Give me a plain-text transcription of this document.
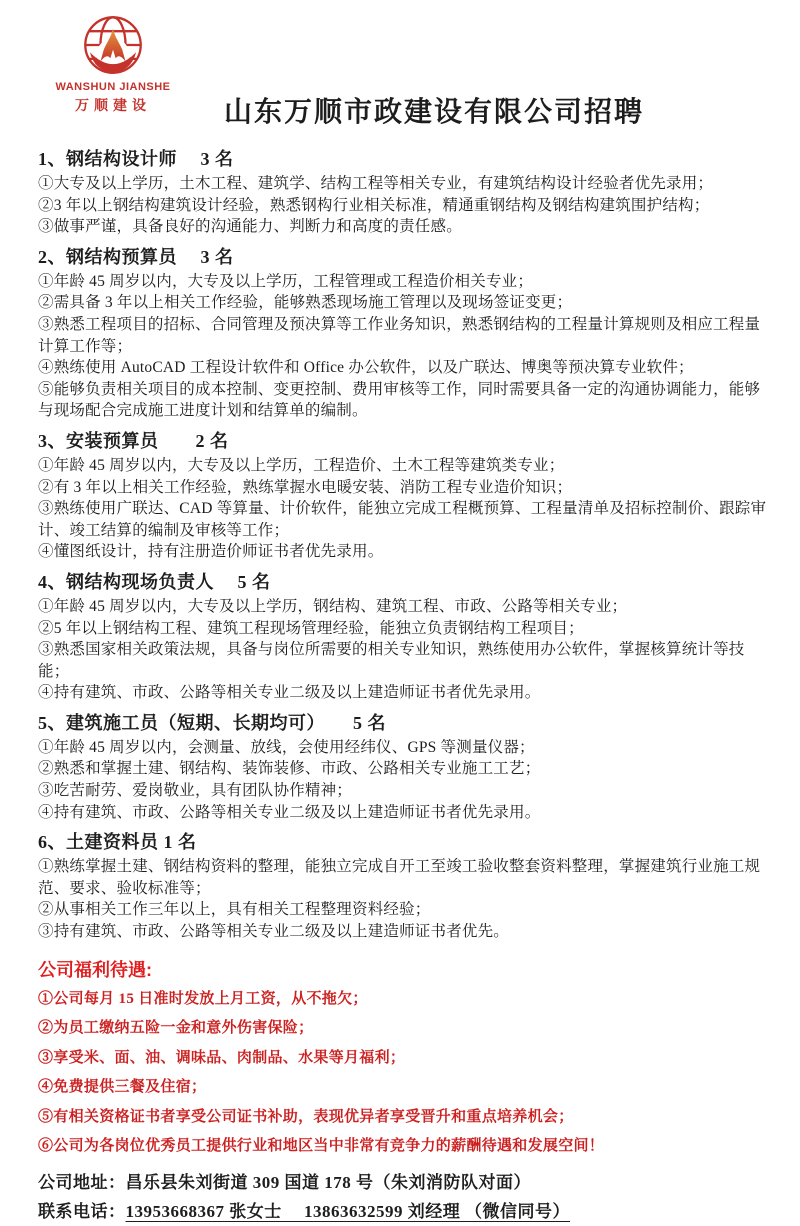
WANSHUN JIANSHE
万顺建设	山东万顺市政建设有限公司招聘
1、钢结构设计师　 3 名

①大专及以上学历，土木工程、建筑学、结构工程等相关专业，有建筑结构设计经验者优先录用；

②3 年以上钢结构建筑设计经验，熟悉钢构行业相关标准，精通重钢结构及钢结构建筑围护结构；

③做事严谨，具备良好的沟通能力、判断力和高度的责任感。

2、钢结构预算员　 3 名

①年龄 45 周岁以内，大专及以上学历，工程管理或工程造价相关专业；

②需具备 3 年以上相关工作经验，能够熟悉现场施工管理以及现场签证变更；

③熟悉工程项目的招标、合同管理及预决算等工作业务知识，熟悉钢结构的工程量计算规则及相应工程量计算工作等；

④熟练使用 AutoCAD 工程设计软件和 Office 办公软件，以及广联达、博奥等预决算专业软件；

⑤能够负责相关项目的成本控制、变更控制、费用审核等工作，同时需要具备一定的沟通协调能力，能够与现场配合完成施工进度计划和结算单的编制。

3、安装预算员　　2 名

①年龄 45 周岁以内，大专及以上学历，工程造价、土木工程等建筑类专业；

②有 3 年以上相关工作经验，熟练掌握水电暖安装、消防工程专业造价知识；

③熟练使用广联达、CAD 等算量、计价软件，能独立完成工程概预算、工程量清单及招标控制价、跟踪审计、竣工结算的编制及审核等工作；

④懂图纸设计，持有注册造价师证书者优先录用。

4、钢结构现场负责人　 5 名

①年龄 45 周岁以内，大专及以上学历，钢结构、建筑工程、市政、公路等相关专业；

②5 年以上钢结构工程、建筑工程现场管理经验，能独立负责钢结构工程项目；

③熟悉国家相关政策法规，具备与岗位所需要的相关专业知识，熟练使用办公软件，掌握核算统计等技能；

④持有建筑、市政、公路等相关专业二级及以上建造师证书者优先录用。

5、建筑施工员（短期、长期均可）　　5 名

①年龄 45 周岁以内，会测量、放线，会使用经纬仪、GPS 等测量仪器；

②熟悉和掌握土建、钢结构、装饰装修、市政、公路相关专业施工工艺；

③吃苦耐劳、爱岗敬业，具有团队协作精神；

④持有建筑、市政、公路等相关专业二级及以上建造师证书者优先录用。

6、土建资料员 1 名

①熟练掌握土建、钢结构资料的整理，能独立完成自开工至竣工验收整套资料整理，掌握建筑行业施工规范、要求、验收标准等；

②从事相关工作三年以上，具有相关工程整理资料经验；

③持有建筑、市政、公路等相关专业二级及以上建造师证书者优先。

公司福利待遇:

①公司每月 15 日准时发放上月工资，从不拖欠；

②为员工缴纳五险一金和意外伤害保险；

③享受米、面、油、调味品、肉制品、水果等月福利；

④免费提供三餐及住宿；

⑤有相关资格证书者享受公司证书补助，表现优异者享受晋升和重点培养机会；

⑥公司为各岗位优秀员工提供行业和地区当中非常有竞争力的薪酬待遇和发展空间！

公司地址：昌乐县朱刘街道 309 国道 178 号（朱刘消防队对面）

联系电话：13953668367 张女士　 13863632599 刘经理 （微信同号）
